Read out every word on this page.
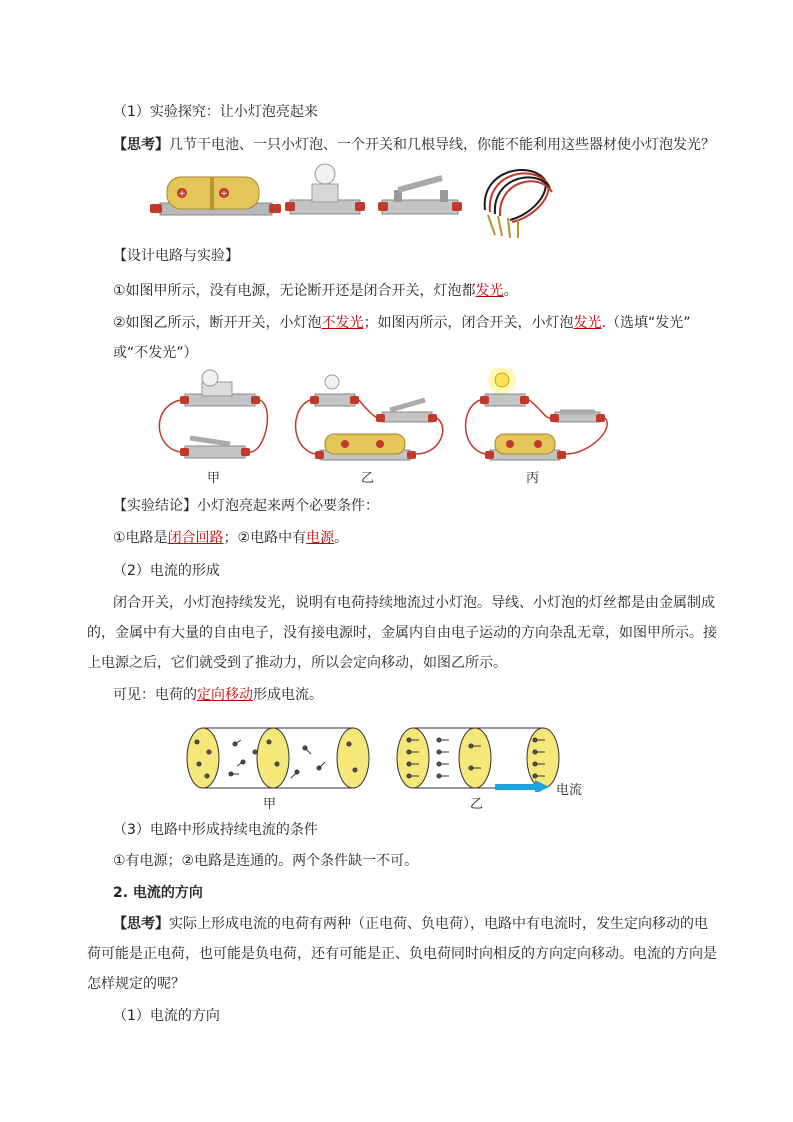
（1）实验探究：让小灯泡亮起来
【思考】几节干电池、一只小灯泡、一个开关和几根导线，你能不能利用这些器材使小灯泡发光？
+	+
【设计电路与实验】
①如图甲所示，没有电源，无论断开还是闭合开关，灯泡都发光。
②如图乙所示，断开开关，小灯泡不发光；如图丙所示，闭合开关，小灯泡发光.（选填“发光”
或“不发光”）
甲	乙	丙
【实验结论】小灯泡亮起来两个必要条件：
①电路是闭合回路；②电路中有电源。
（2）电流的形成
闭合开关，小灯泡持续发光，说明有电荷持续地流过小灯泡。导线、小灯泡的灯丝都是由金属制成
的，金属中有大量的自由电子，没有接电源时，金属内自由电子运动的方向杂乱无章，如图甲所示。接
上电源之后，它们就受到了推动力，所以会定向移动，如图乙所示。
可见：电荷的定向移动形成电流。
甲	乙
电流
（3）电路中形成持续电流的条件
①有电源；②电路是连通的。两个条件缺一不可。
2. 电流的方向
【思考】实际上形成电流的电荷有两种（正电荷、负电荷），电路中有电流时，发生定向移动的电
荷可能是正电荷，也可能是负电荷，还有可能是正、负电荷同时向相反的方向定向移动。电流的方向是
怎样规定的呢？
（1）电流的方向
